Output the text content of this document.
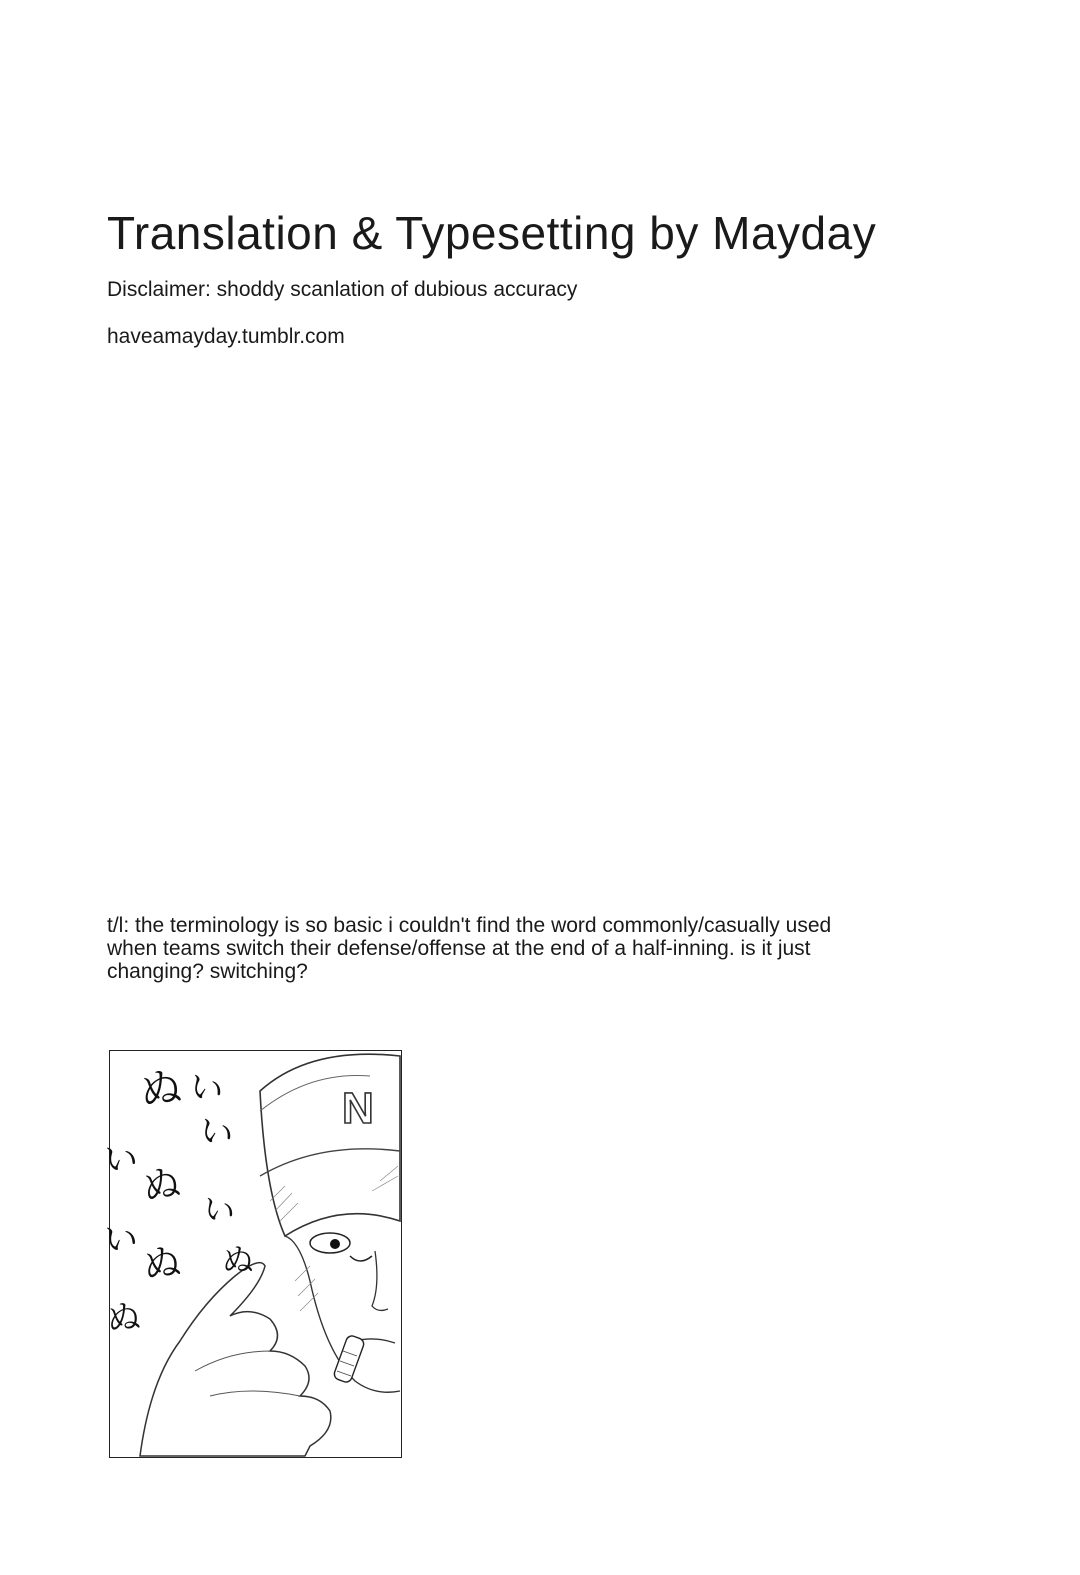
Translation & Typesetting by Mayday

Disclaimer: shoddy scanlation of dubious accuracy

haveamayday.tumblr.com

t/l: the terminology is so basic i couldn't find the word commonly/casually used
when teams switch their defense/offense at the end of a half-inning. is it just
changing? switching?
N
ぬ い
い
い ぬ
い
い ぬ ぬ
ぬ
